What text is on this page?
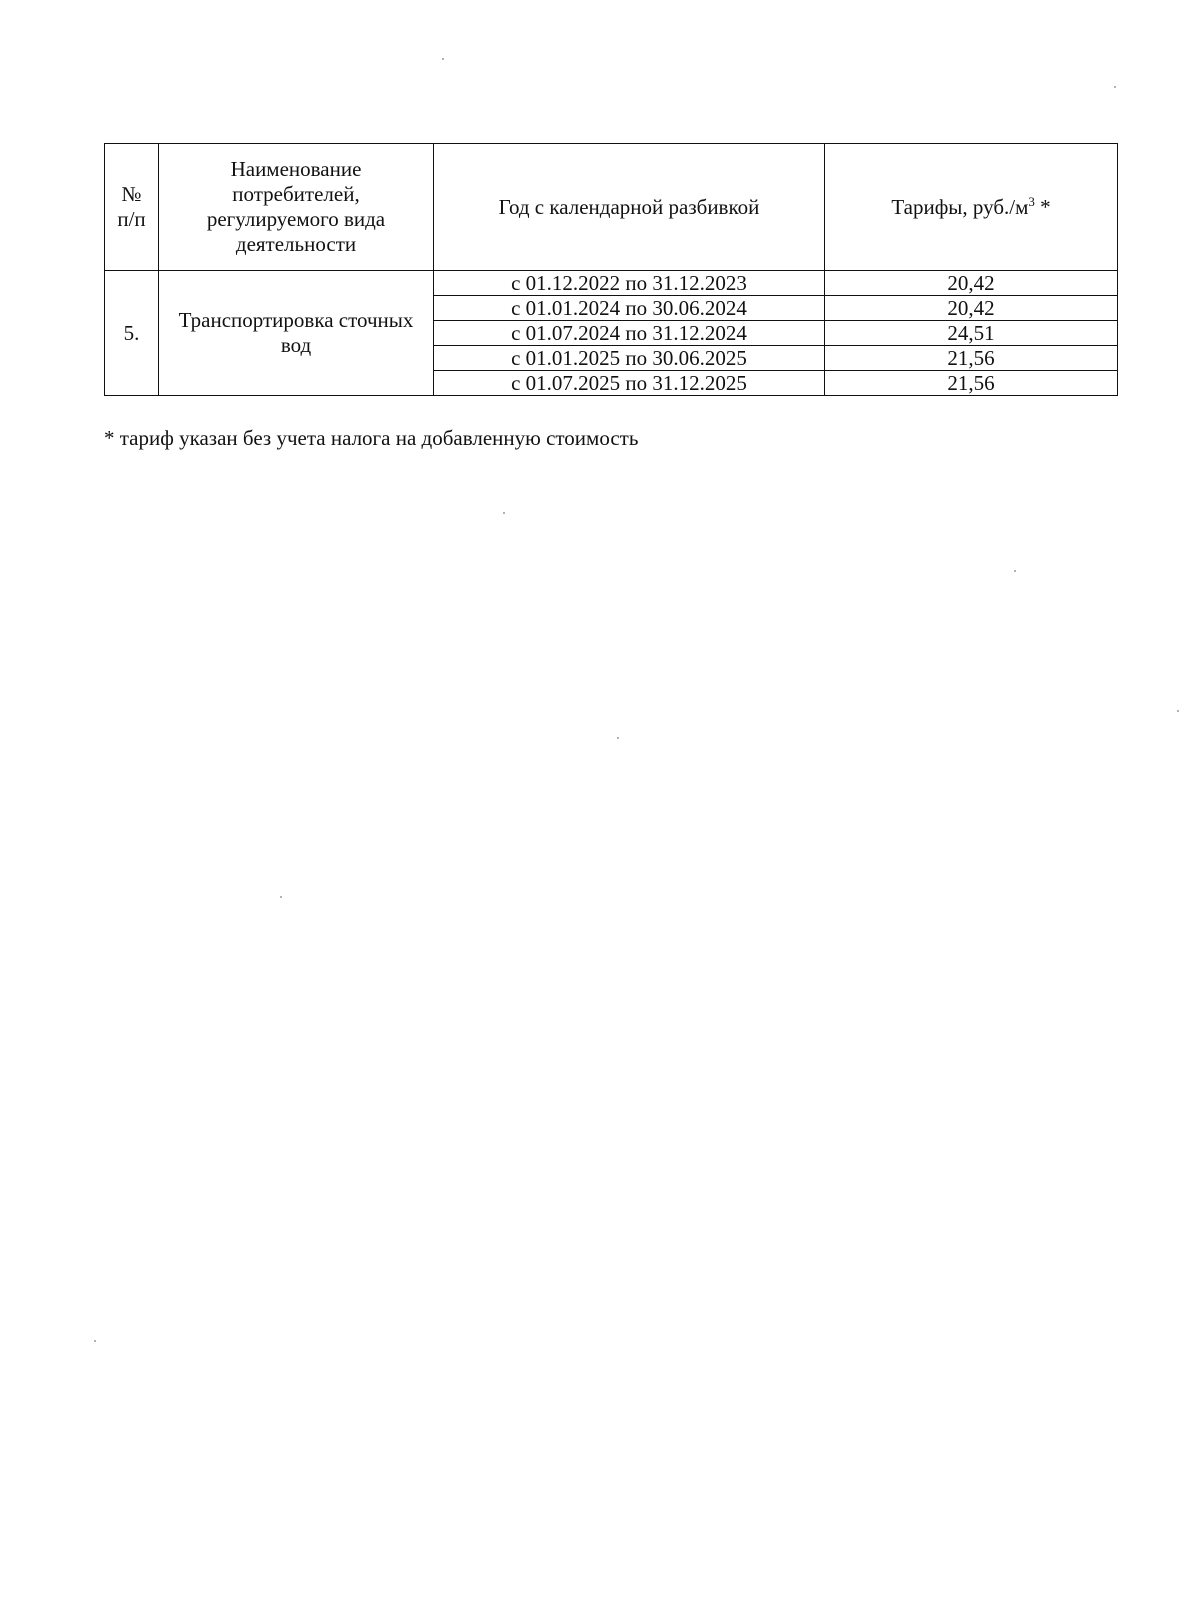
№ п/п	Наименование потребителей, регулируемого вида деятельности	Год с календарной разбивкой	Тарифы, $руб./м^3$ *
5.	Транспортировка сточных вод	с 01.12.2022 по 31.12.2023	20,42
		с 01.01.2024 по 30.06.2024	20,42
		с 01.07.2024 по 31.12.2024	24,51
		с 01.01.2025 по 30.06.2025	21,56
		с 01.07.2025 по 31.12.2025	21,56
* тариф указан без учета налога на добавленную стоимость
